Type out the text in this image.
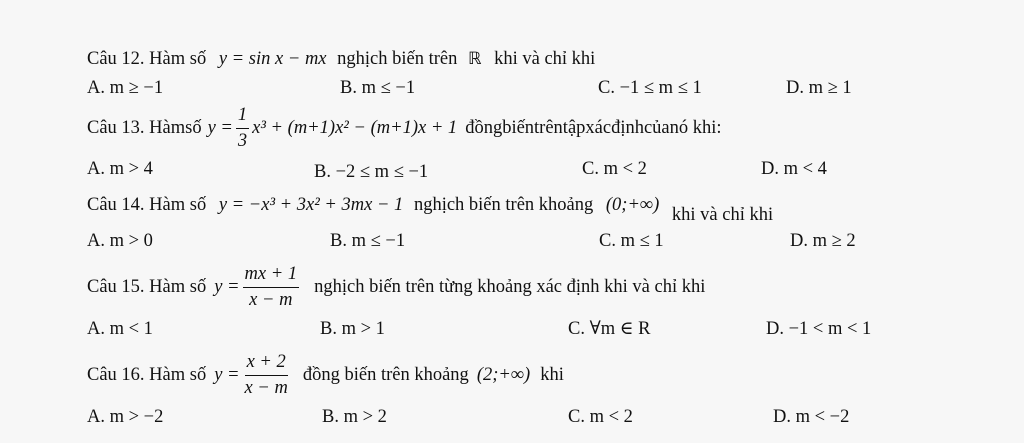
Câu 12. Hàm số y = sin x − mx nghịch biến trên ℝ khi và chỉ khi
A. m ≥ −1	B. m ≤ −1	C. −1 ≤ m ≤ 1	D. m ≥ 1
Câu 13. Hàmsố $y = \frac{1}{3} x^3 + (m+1)x^2 - (m+1)x + 1$ đồngbiếntrêntậpxácđịnhcủanó khi:
A. m > 4	B. −2 ≤ m ≤ −1	C. m < 2	D. m < 4
Câu 14. Hàm số y = −x³ + 3x² + 3mx − 1 nghịch biến trên khoảng (0;+∞) khi và chỉ khi
A. m > 0	B. m ≤ −1	C. m ≤ 1	D. m ≥ 2
Câu 15. Hàm số $y = \frac{mx + 1}{x - m}$ nghịch biến trên từng khoảng xác định khi và chỉ khi
A. m < 1	B. m > 1	C. ∀m ∈ R	D. −1 < m < 1
Câu 16. Hàm số $y = \frac{x + 2}{x - m}$ đồng biến trên khoảng (2;+∞) khi
A. m > −2	B. m > 2	C. m < 2	D. m < −2
